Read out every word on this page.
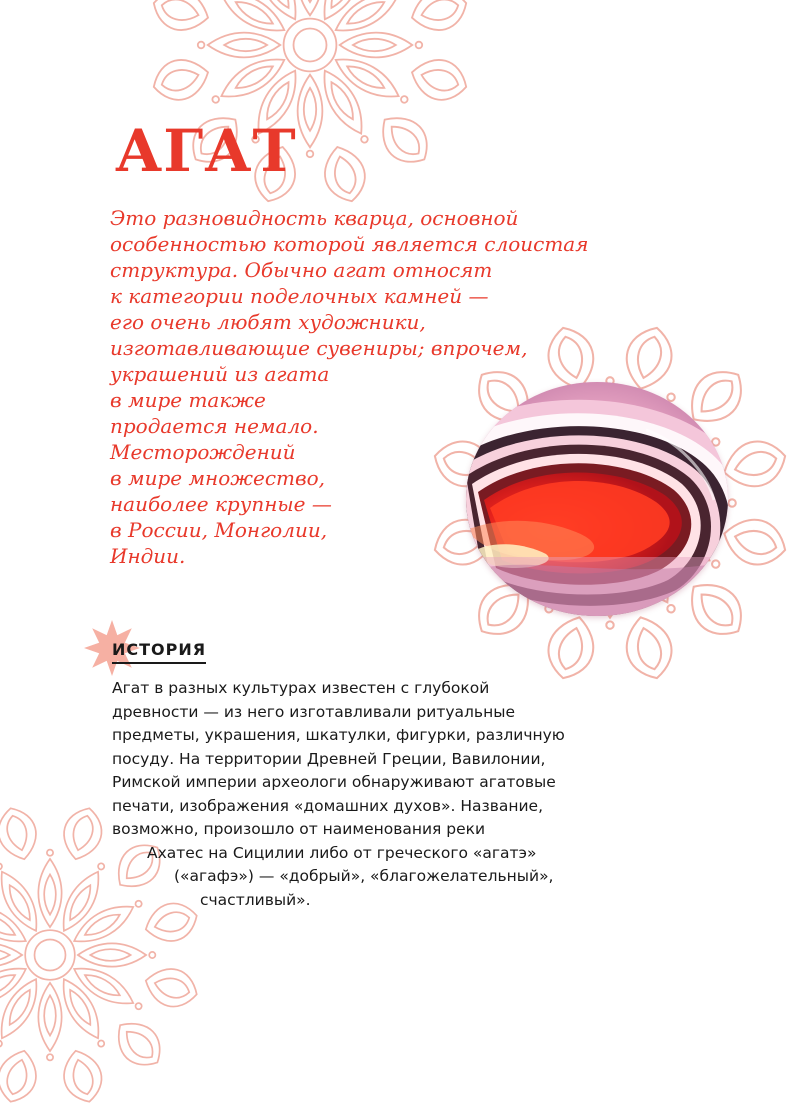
АГАТ
Это разновидность кварца, основной
особенностью которой является слоистая
структура. Обычно агат относят
к категории поделочных камней —
его очень любят художники,
изготавливающие сувениры; впрочем,
украшений из агата
в мире также
продается немало.
Месторождений
в мире множество,
наиболее крупные —
в России, Монголии,
Индии.
ИСТОРИЯ
Агат в разных культурах известен с глубокой
древности — из него изготавливали ритуальные
предметы, украшения, шкатулки, фигурки, различную
посуду. На территории Древней Греции, Вавилонии,
Римской империи археологи обнаруживают агатовые
печати, изображения «домашних духов». Название,
возможно, произошло от наименования реки
Ахатес на Сицилии либо от греческого «агатэ»
(«агафэ») — «добрый», «благожелательный»,
счастливый».
